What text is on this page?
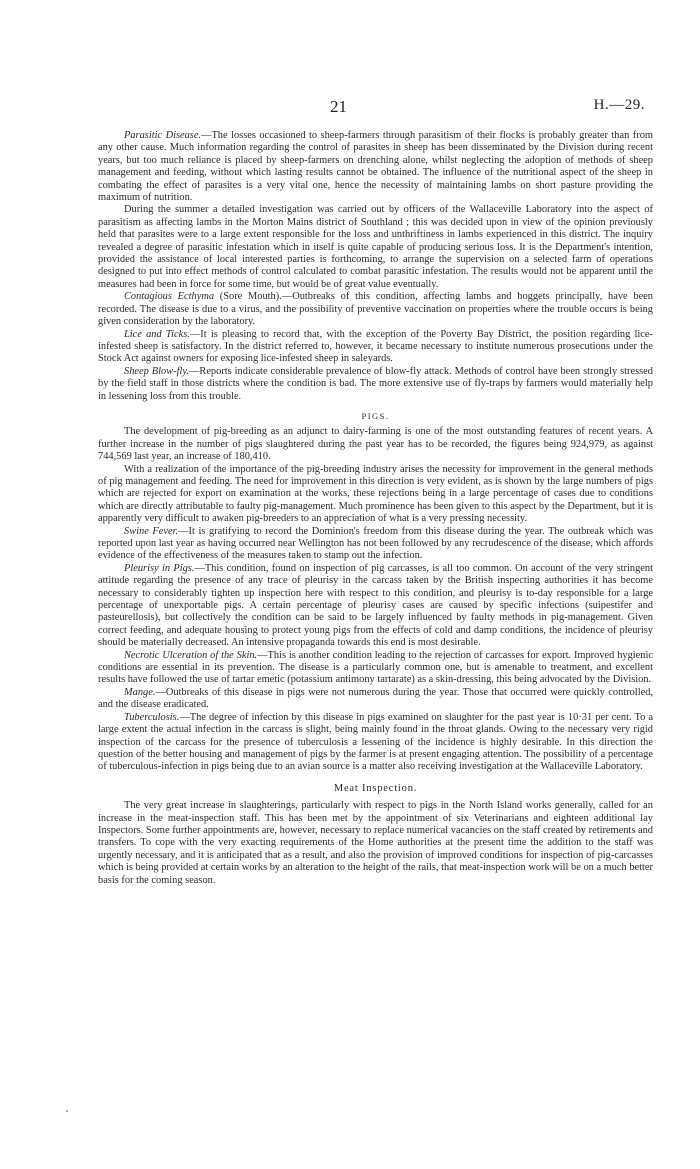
21	H.—29.

Parasitic Disease.—The losses occasioned to sheep-farmers through parasitism of their flocks is probably greater than from any other cause. Much information regarding the control of parasites in sheep has been disseminated by the Division during recent years, but too much reliance is placed by sheep-farmers on drenching alone, whilst neglecting the adoption of methods of sheep management and feeding, without which lasting results cannot be obtained. The influence of the nutritional aspect of the sheep in combating the effect of parasites is a very vital one, hence the necessity of maintaining lambs on short pasture providing the maximum of nutrition.

During the summer a detailed investigation was carried out by officers of the Wallaceville Laboratory into the aspect of parasitism as affecting lambs in the Morton Mains district of Southland ; this was decided upon in view of the opinion previously held that parasites were to a large extent responsible for the loss and unthriftiness in lambs experienced in this district. The inquiry revealed a degree of parasitic infestation which in itself is quite capable of producing serious loss. It is the Department's intention, provided the assistance of local interested parties is forthcoming, to arrange the supervision on a selected farm of operations designed to put into effect methods of control calculated to combat parasitic infestation. The results would not be apparent until the measures had been in force for some time, but would be of great value eventually.

Contagious Ecthyma (Sore Mouth).—Outbreaks of this condition, affecting lambs and hoggets principally, have been recorded. The disease is due to a virus, and the possibility of preventive vaccination on properties where the trouble occurs is being given consideration by the laboratory.

Lice and Ticks.—It is pleasing to record that, with the exception of the Poverty Bay District, the position regarding lice-infested sheep is satisfactory. In the district referred to, however, it became necessary to institute numerous prosecutions under the Stock Act against owners for exposing lice-infested sheep in saleyards.

Sheep Blow-fly.—Reports indicate considerable prevalence of blow-fly attack. Methods of control have been strongly stressed by the field staff in those districts where the condition is bad. The more extensive use of fly-traps by farmers would materially help in lessening loss from this trouble.

PIGS.

The development of pig-breeding as an adjunct to dairy-farming is one of the most outstanding features of recent years. A further increase in the number of pigs slaughtered during the past year has to be recorded, the figures being 924,979, as against 744,569 last year, an increase of 180,410.

With a realization of the importance of the pig-breeding industry arises the necessity for improvement in the general methods of pig management and feeding. The need for improvement in this direction is very evident, as is shown by the large numbers of pigs which are rejected for export on examination at the works, these rejections being in a large percentage of cases due to conditions which are directly attributable to faulty pig-management. Much prominence has been given to this aspect by the Department, but it is apparently very difficult to awaken pig-breeders to an appreciation of what is a very pressing necessity.

Swine Fever.—It is gratifying to record the Dominion's freedom from this disease during the year. The outbreak which was reported upon last year as having occurred near Wellington has not been followed by any recrudescence of the disease, which affords evidence of the effectiveness of the measures taken to stamp out the infection.

Pleurisy in Pigs.—This condition, found on inspection of pig carcasses, is all too common. On account of the very stringent attitude regarding the presence of any trace of pleurisy in the carcass taken by the British inspecting authorities it has become necessary to considerably tighten up inspection here with respect to this condition, and pleurisy is to-day responsible for a large percentage of unexportable pigs. A certain percentage of pleurisy cases are caused by specific infections (suipestifer and pasteurellosis), but collectively the condition can be said to be largely influenced by faulty methods in pig-management. Given correct feeding, and adequate housing to protect young pigs from the effects of cold and damp conditions, the incidence of pleurisy should be materially decreased. An intensive propaganda towards this end is most desirable.

Necrotic Ulceration of the Skin.—This is another condition leading to the rejection of carcasses for export. Improved hygienic conditions are essential in its prevention. The disease is a particularly common one, but is amenable to treatment, and excellent results have followed the use of tartar emetic (potassium antimony tartarate) as a skin-dressing, this being advocated by the Division.

Mange.—Outbreaks of this disease in pigs were not numerous during the year. Those that occurred were quickly controlled, and the disease eradicated.

Tuberculosis.—The degree of infection by this disease in pigs examined on slaughter for the past year is 10·31 per cent. To a large extent the actual infection in the carcass is slight, being mainly found in the throat glands. Owing to the necessary very rigid inspection of the carcass for the presence of tuberculosis a lessening of the incidence is highly desirable. In this direction the question of the better housing and management of pigs by the farmer is at present engaging attention. The possibility of a percentage of tuberculous-infection in pigs being due to an avian source is a matter also receiving investigation at the Wallaceville Laboratory.

Meat Inspection.

The very great increase in slaughterings, particularly with respect to pigs in the North Island works generally, called for an increase in the meat-inspection staff. This has been met by the appointment of six Veterinarians and eighteen additional lay Inspectors. Some further appointments are, however, necessary to replace numerical vacancies on the staff created by retirements and transfers. To cope with the very exacting requirements of the Home authorities at the present time the addition to the staff was urgently necessary, and it is anticipated that as a result, and also the provision of improved conditions for inspection of pig-carcasses which is being provided at certain works by an alteration to the height of the rails, that meat-inspection work will be on a much better basis for the coming season.
